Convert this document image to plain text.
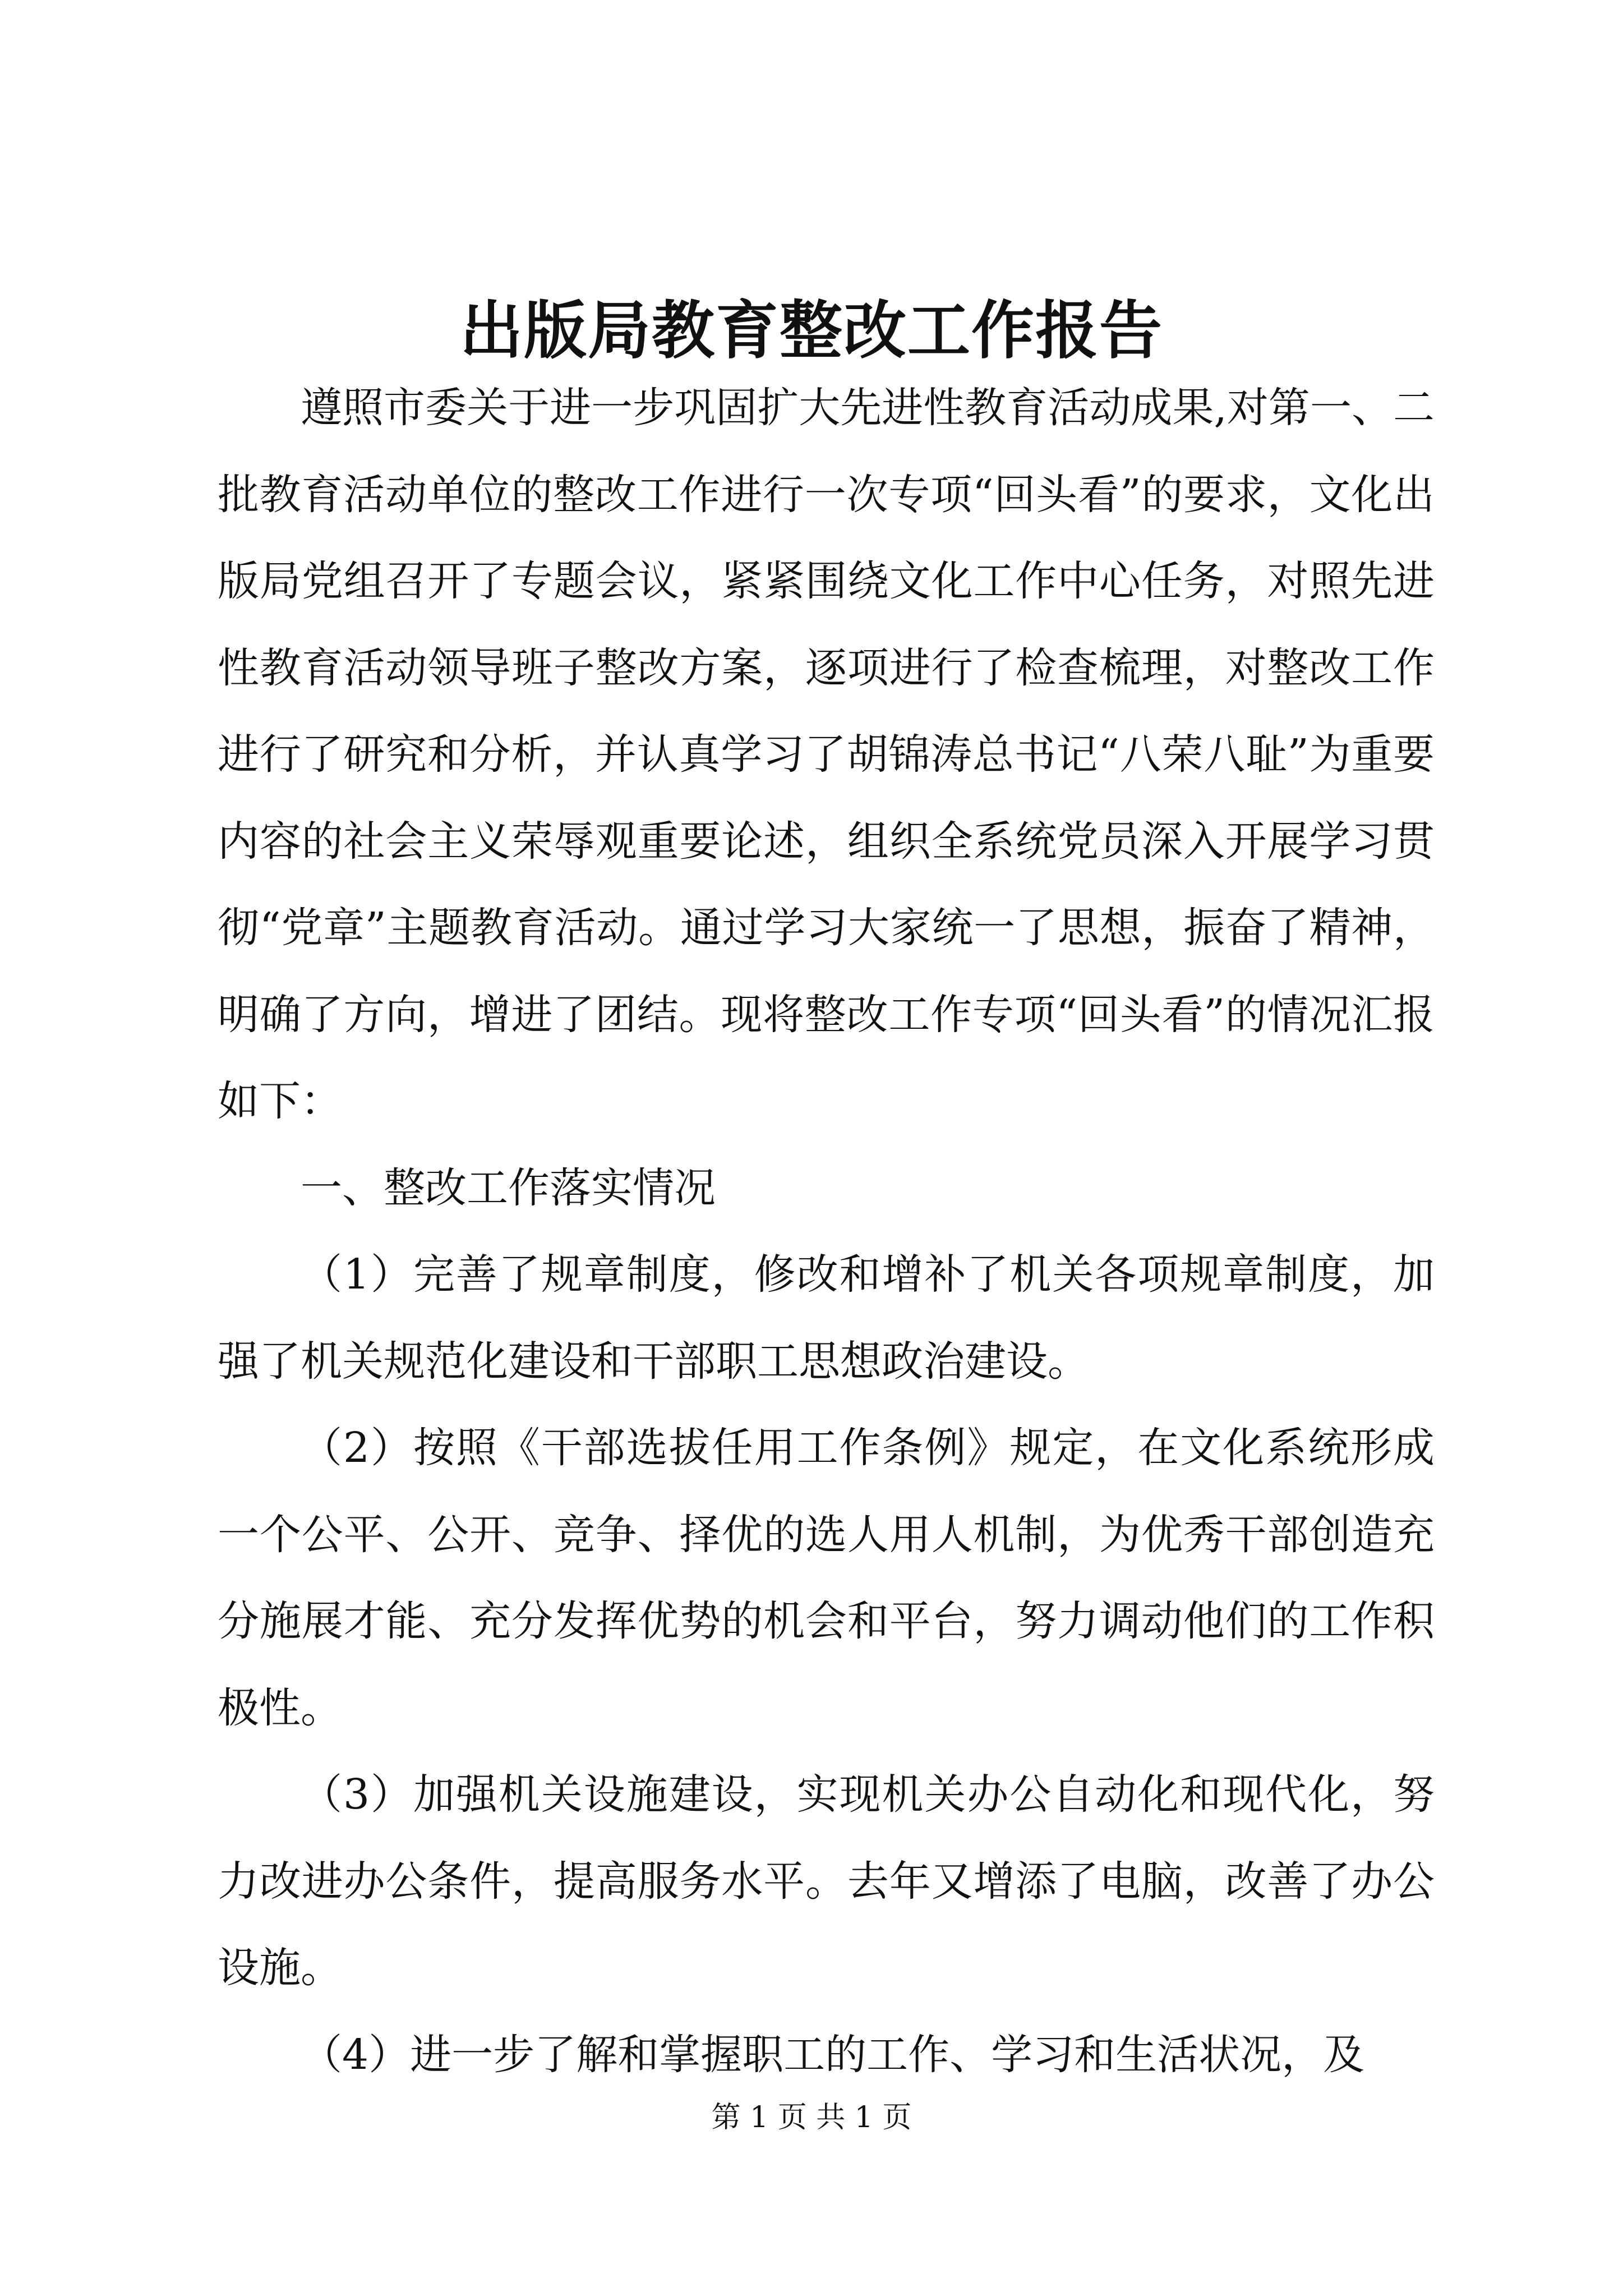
出版局教育整改工作报告

遵照市委关于进一步巩固扩大先进性教育活动成果,对第一、二批教育活动单位的整改工作进行一次专项“回头看”的要求，文化出版局党组召开了专题会议，紧紧围绕文化工作中心任务，对照先进性教育活动领导班子整改方案，逐项进行了检查梳理，对整改工作进行了研究和分析，并认真学习了胡锦涛总书记“八荣八耻”为重要内容的社会主义荣辱观重要论述，组织全系统党员深入开展学习贯彻“党章”主题教育活动。通过学习大家统一了思想，振奋了精神，明确了方向，增进了团结。现将整改工作专项“回头看”的情况汇报如下：

一、整改工作落实情况

（1）完善了规章制度，修改和增补了机关各项规章制度，加强了机关规范化建设和干部职工思想政治建设。

（2）按照《干部选拔任用工作条例》规定，在文化系统形成一个公平、公开、竞争、择优的选人用人机制，为优秀干部创造充分施展才能、充分发挥优势的机会和平台，努力调动他们的工作积极性。

（3）加强机关设施建设，实现机关办公自动化和现代化，努力改进办公条件，提高服务水平。去年又增添了电脑，改善了办公设施。

（4）进一步了解和掌握职工的工作、学习和生活状况，及

第 1 页 共 1 页
